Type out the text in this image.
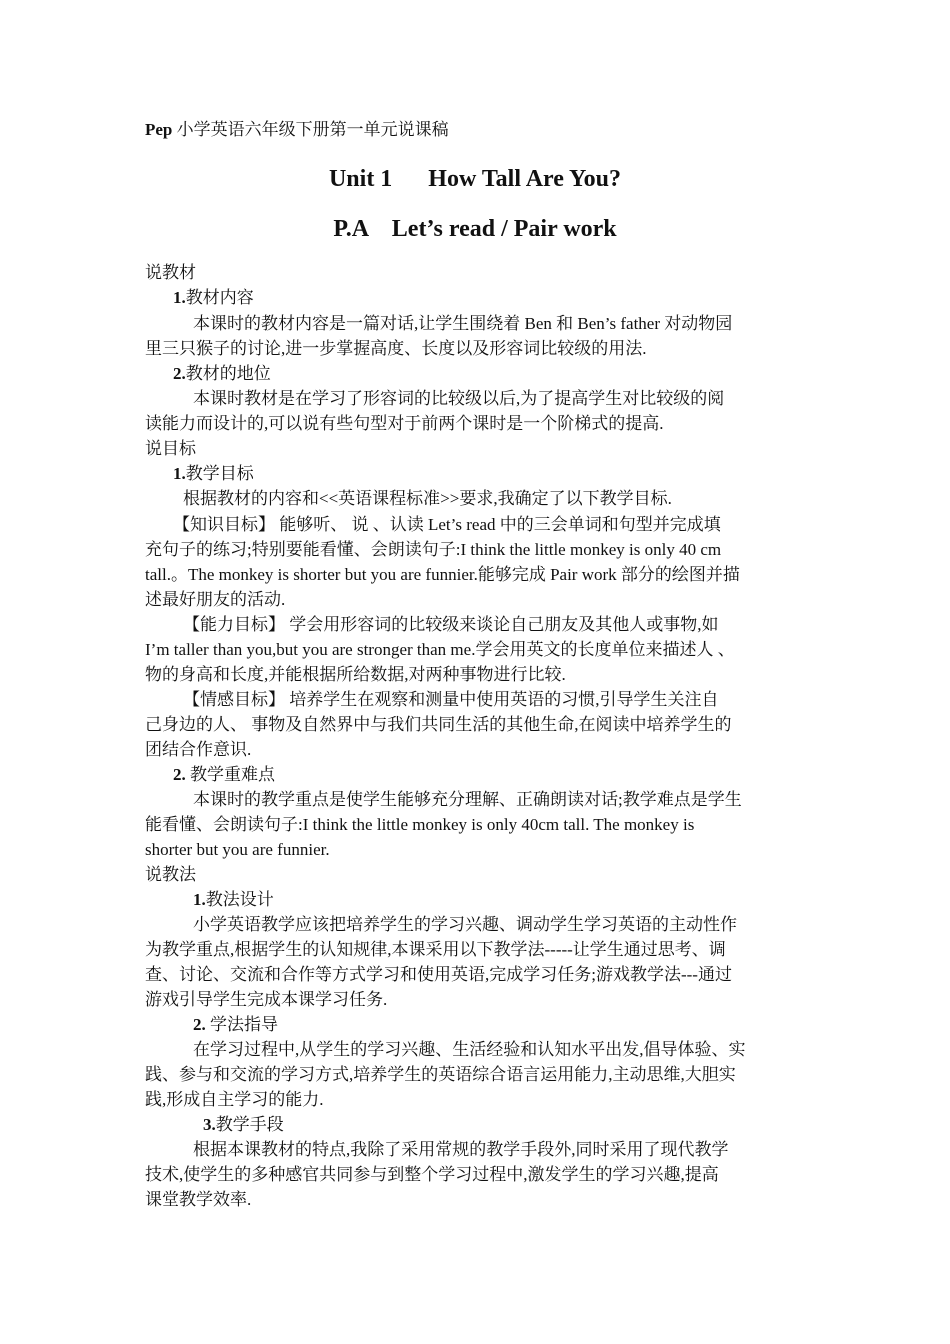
Pep 小学英语六年级下册第一单元说课稿
Unit 1      How Tall Are You?
P.A    Let’s read / Pair work
说教材
1.教材内容
本课时的教材内容是一篇对话,让学生围绕着 Ben 和 Ben’s father 对动物园
里三只猴子的讨论,进一步掌握高度、长度以及形容词比较级的用法.
2.教材的地位
本课时教材是在学习了形容词的比较级以后,为了提高学生对比较级的阅
读能力而设计的,可以说有些句型对于前两个课时是一个阶梯式的提高.
说目标
1.教学目标
根据教材的内容和<<英语课程标准>>要求,我确定了以下教学目标.
【知识目标】 能够听、 说 、认读 Let’s read 中的三会单词和句型并完成填
充句子的练习;特别要能看懂、会朗读句子:I think the little monkey is only 40 cm
tall.。The monkey is shorter but you are funnier.能够完成 Pair work 部分的绘图并描
述最好朋友的活动.
【能力目标】 学会用形容词的比较级来谈论自己朋友及其他人或事物,如
I’m taller than you,but you are stronger than me.学会用英文的长度单位来描述人 、
物的身高和长度,并能根据所给数据,对两种事物进行比较.
【情感目标】 培养学生在观察和测量中使用英语的习惯,引导学生关注自
己身边的人、 事物及自然界中与我们共同生活的其他生命,在阅读中培养学生的
团结合作意识.
2. 教学重难点
本课时的教学重点是使学生能够充分理解、正确朗读对话;教学难点是学生
能看懂、会朗读句子:I think the little monkey is only 40cm tall. The monkey is
shorter but you are funnier.
说教法
1.教法设计
小学英语教学应该把培养学生的学习兴趣、调动学生学习英语的主动性作
为教学重点,根据学生的认知规律,本课采用以下教学法-----让学生通过思考、调
查、讨论、交流和合作等方式学习和使用英语,完成学习任务;游戏教学法---通过
游戏引导学生完成本课学习任务.
2. 学法指导
在学习过程中,从学生的学习兴趣、生活经验和认知水平出发,倡导体验、实
践、参与和交流的学习方式,培养学生的英语综合语言运用能力,主动思维,大胆实
践,形成自主学习的能力.
3.教学手段
根据本课教材的特点,我除了采用常规的教学手段外,同时采用了现代教学
技术,使学生的多种感官共同参与到整个学习过程中,激发学生的学习兴趣,提高
课堂教学效率.
